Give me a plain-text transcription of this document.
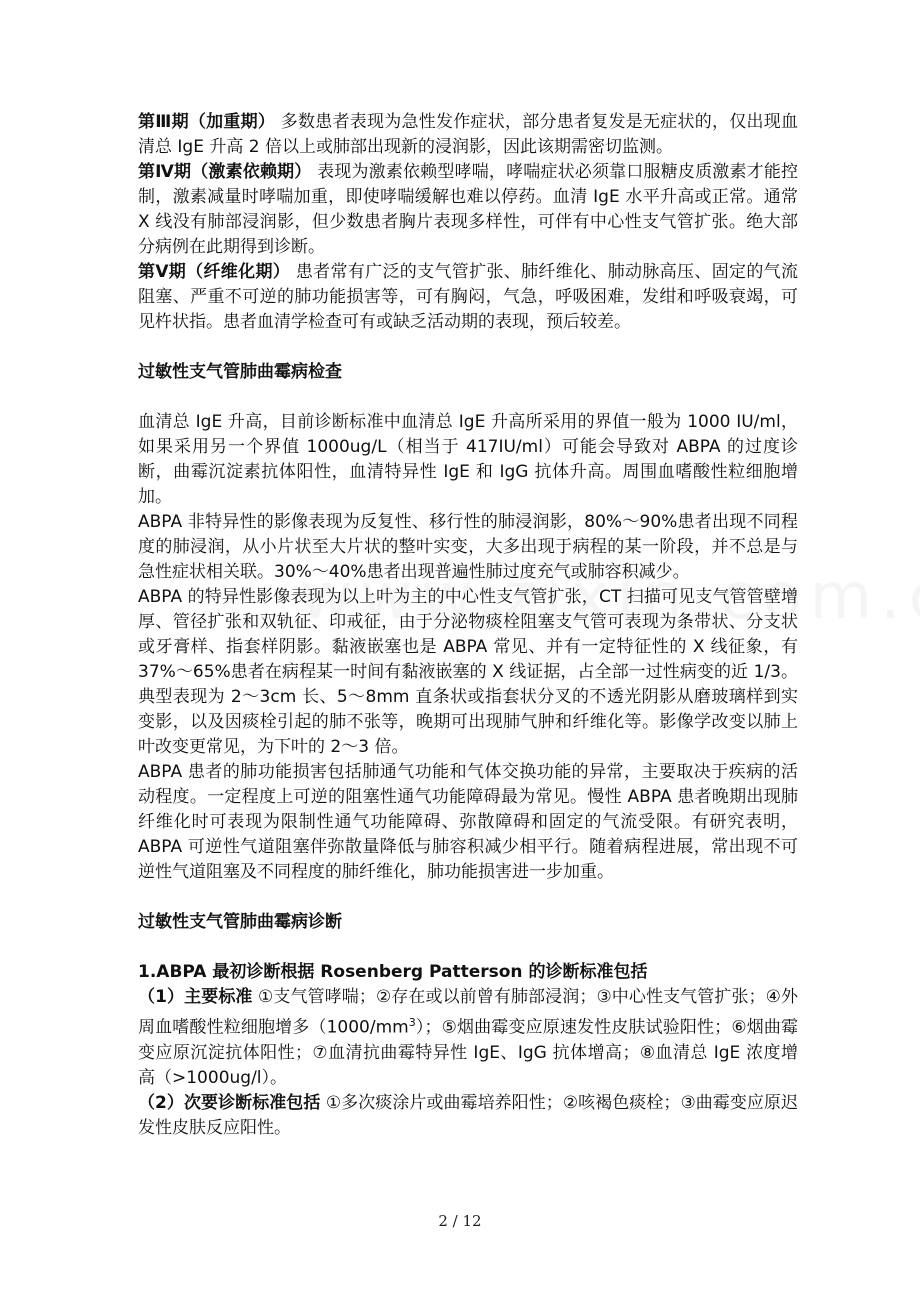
第Ⅲ期（加重期） 多数患者表现为急性发作症状，部分患者复发是无症状的，仅出现血清总 IgE 升高 2 倍以上或肺部出现新的浸润影，因此该期需密切监测。

第Ⅳ期（激素依赖期） 表现为激素依赖型哮喘，哮喘症状必须靠口服糖皮质激素才能控制，激素减量时哮喘加重，即使哮喘缓解也难以停药。血清 IgE 水平升高或正常。通常 X 线没有肺部浸润影，但少数患者胸片表现多样性，可伴有中心性支气管扩张。绝大部分病例在此期得到诊断。

第Ⅴ期（纤维化期） 患者常有广泛的支气管扩张、肺纤维化、肺动脉高压、固定的气流阻塞、严重不可逆的肺功能损害等，可有胸闷，气急，呼吸困难，发绀和呼吸衰竭，可见杵状指。患者血清学检查可有或缺乏活动期的表现，预后较差。

过敏性支气管肺曲霉病检查

血清总 IgE 升高，目前诊断标准中血清总 IgE 升高所采用的界值一般为 1000 IU/ml，如果采用另一个界值 1000ug/L（相当于 417IU/ml）可能会导致对 ABPA 的过度诊断，曲霉沉淀素抗体阳性，血清特异性 IgE 和 IgG 抗体升高。周围血嗜酸性粒细胞增加。

ABPA 非特异性的影像表现为反复性、移行性的肺浸润影，80%～90%患者出现不同程度的肺浸润，从小片状至大片状的整叶实变，大多出现于病程的某一阶段，并不总是与急性症状相关联。30%～40%患者出现普遍性肺过度充气或肺容积减少。

ABPA 的特异性影像表现为以上叶为主的中心性支气管扩张，CT 扫描可见支气管管壁增厚、管径扩张和双轨征、印戒征，由于分泌物痰栓阻塞支气管可表现为条带状、分支状或牙膏样、指套样阴影。黏液嵌塞也是 ABPA 常见、并有一定特征性的 X 线征象，有 37%～65%患者在病程某一时间有黏液嵌塞的 X 线证据，占全部一过性病变的近 1/3。典型表现为 2～3cm 长、5～8mm 直条状或指套状分叉的不透光阴影从磨玻璃样到实变影，以及因痰栓引起的肺不张等，晚期可出现肺气肿和纤维化等。影像学改变以肺上叶改变更常见，为下叶的 2～3 倍。

ABPA 患者的肺功能损害包括肺通气功能和气体交换功能的异常，主要取决于疾病的活动程度。一定程度上可逆的阻塞性通气功能障碍最为常见。慢性 ABPA 患者晚期出现肺纤维化时可表现为限制性通气功能障碍、弥散障碍和固定的气流受限。有研究表明，ABPA 可逆性气道阻塞伴弥散量降低与肺容积减少相平行。随着病程进展，常出现不可逆性气道阻塞及不同程度的肺纤维化，肺功能损害进一步加重。

过敏性支气管肺曲霉病诊断

1.ABPA 最初诊断根据 Rosenberg Patterson 的诊断标准包括

（1）主要标准 ①支气管哮喘；②存在或以前曾有肺部浸润；③中心性支气管扩张；④外周血嗜酸性粒细胞增多$(1000/mm^3)$；⑤烟曲霉变应原速发性皮肤试验阳性；⑥烟曲霉变应原沉淀抗体阳性；⑦血清抗曲霉特异性 IgE、IgG 抗体增高；⑧血清总 IgE 浓度增高（>1000ug/l）。

（2）次要诊断标准包括 ①多次痰涂片或曲霉培养阳性；②咳褐色痰栓；③曲霉变应原迟发性皮肤反应阳性。

2 / 12
